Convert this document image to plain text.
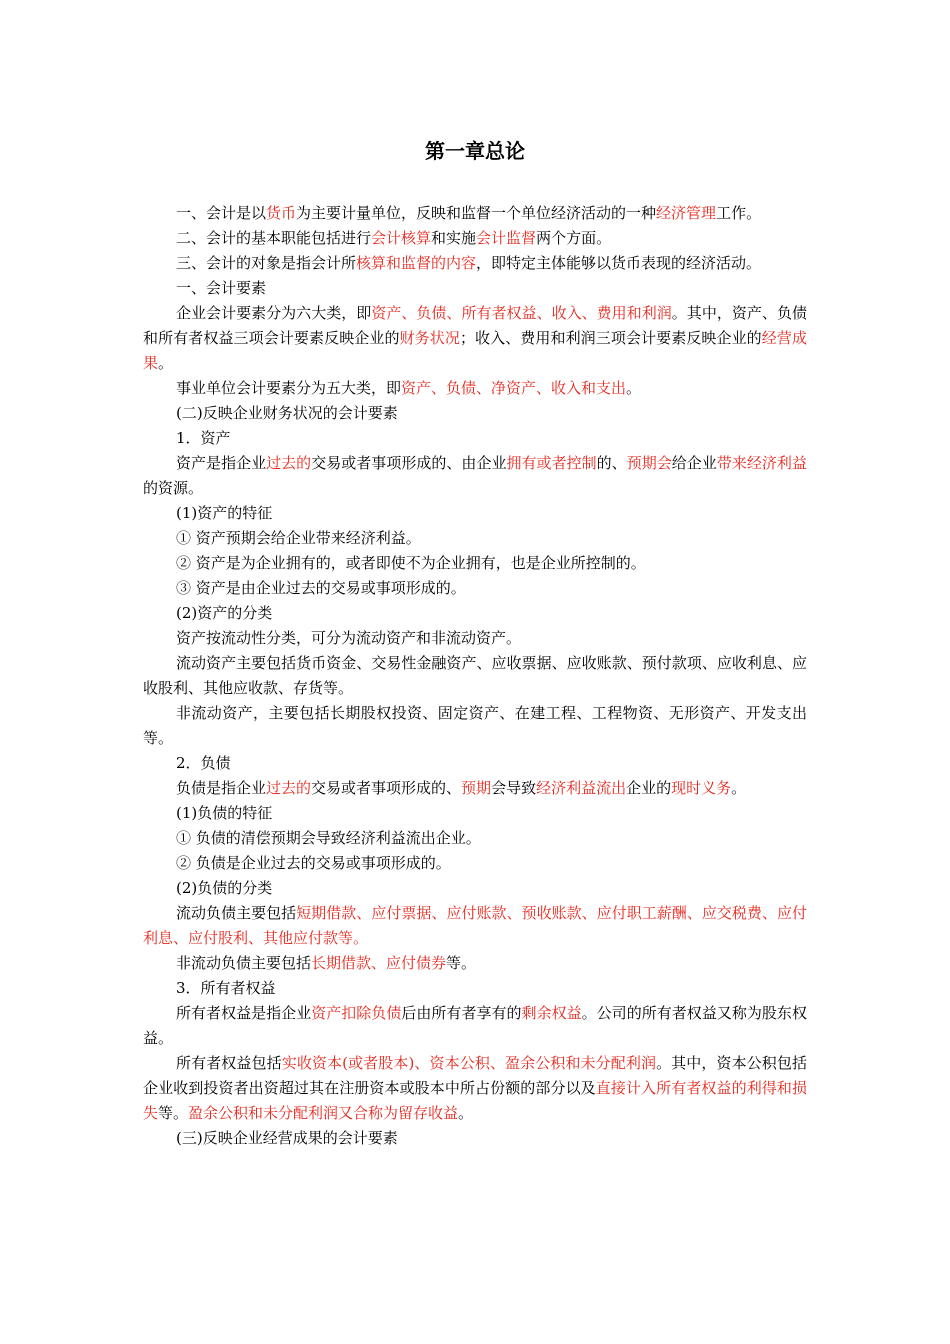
第一章总论

一、会计是以货币为主要计量单位，反映和监督一个单位经济活动的一种经济管理工作。

二、会计的基本职能包括进行会计核算和实施会计监督两个方面。

三、会计的对象是指会计所核算和监督的内容，即特定主体能够以货币表现的经济活动。

一、会计要素

企业会计要素分为六大类，即资产、负债、所有者权益、收入、费用和利润。其中，资产、负债和所有者权益三项会计要素反映企业的财务状况；收入、费用和利润三项会计要素反映企业的经营成果。

事业单位会计要素分为五大类，即资产、负债、净资产、收入和支出。

(二)反映企业财务状况的会计要素

1．资产

资产是指企业过去的交易或者事项形成的、由企业拥有或者控制的、预期会给企业带来经济利益的资源。

(1)资产的特征

① 资产预期会给企业带来经济利益。

② 资产是为企业拥有的，或者即使不为企业拥有，也是企业所控制的。

③ 资产是由企业过去的交易或事项形成的。

(2)资产的分类

资产按流动性分类，可分为流动资产和非流动资产。

流动资产主要包括货币资金、交易性金融资产、应收票据、应收账款、预付款项、应收利息、应收股利、其他应收款、存货等。

非流动资产，主要包括长期股权投资、固定资产、在建工程、工程物资、无形资产、开发支出等。

2．负债

负债是指企业过去的交易或者事项形成的、预期会导致经济利益流出企业的现时义务。

(1)负债的特征

① 负债的清偿预期会导致经济利益流出企业。

② 负债是企业过去的交易或事项形成的。

(2)负债的分类

流动负债主要包括短期借款、应付票据、应付账款、预收账款、应付职工薪酬、应交税费、应付利息、应付股利、其他应付款等。

非流动负债主要包括长期借款、应付债券等。

3．所有者权益

所有者权益是指企业资产扣除负债后由所有者享有的剩余权益。公司的所有者权益又称为股东权益。

所有者权益包括实收资本(或者股本)、资本公积、盈余公积和未分配利润。其中，资本公积包括企业收到投资者出资超过其在注册资本或股本中所占份额的部分以及直接计入所有者权益的利得和损失等。盈余公积和未分配利润又合称为留存收益。

(三)反映企业经营成果的会计要素
